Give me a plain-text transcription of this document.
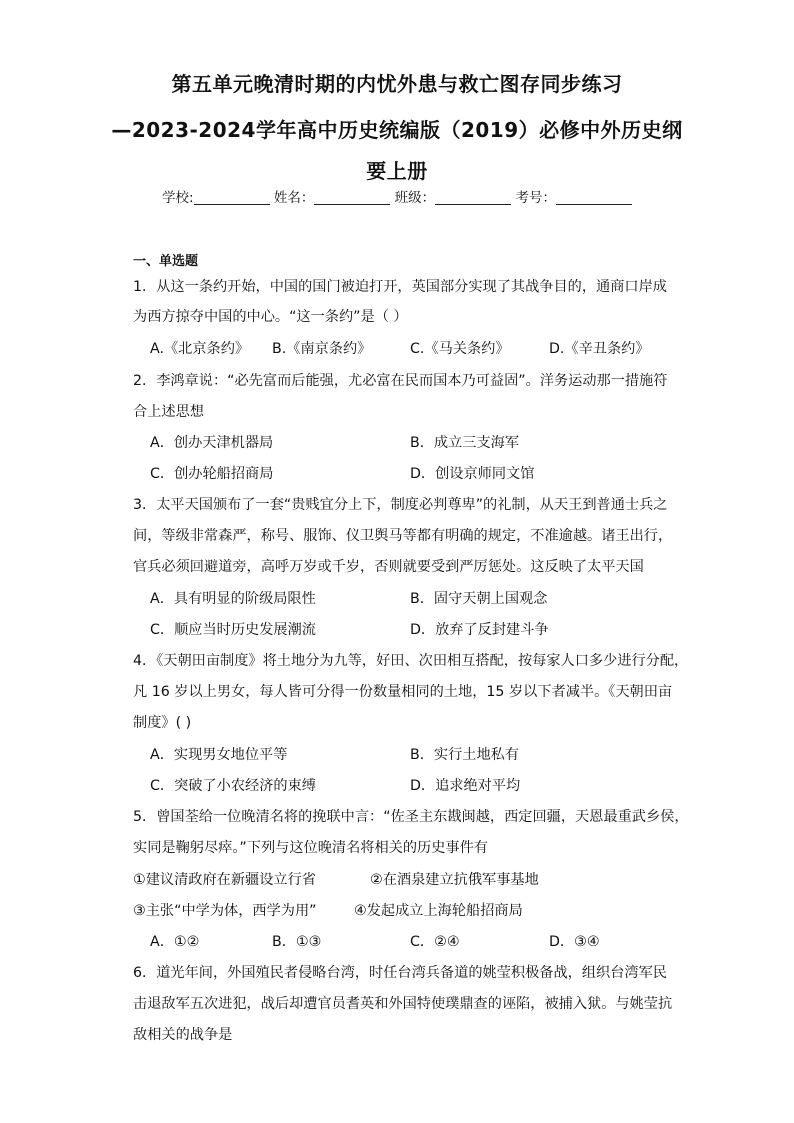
第五单元晚清时期的内忧外患与救亡图存同步练习
—2023-2024学年高中历史统编版（2019）必修中外历史纲
要上册
学校:	姓名：	班级：	考号：
一、单选题
1．从这一条约开始，中国的国门被迫打开，英国部分实现了其战争目的，通商口岸成
为西方掠夺中国的中心。“这一条约”是（ ）
A.《北京条约》 B.《南京条约》	C.《马关条约》	D.《辛丑条约》
2．李鸿章说：“必先富而后能强，尤必富在民而国本乃可益固”。洋务运动那一措施符
合上述思想
A．创办天津机器局	B．成立三支海军
C．创办轮船招商局	D．创设京师同文馆
3．太平天国颁布了一套“贵贱宜分上下，制度必判尊卑”的礼制，从天王到普通士兵之
间，等级非常森严，称号、服饰、仪卫舆马等都有明确的规定，不准逾越。诸王出行，
官兵必须回避道旁，高呼万岁或千岁，否则就要受到严厉惩处。这反映了太平天国
A．具有明显的阶级局限性	B．固守天朝上国观念
C．顺应当时历史发展潮流	D．放弃了反封建斗争
4．《天朝田亩制度》将土地分为九等，好田、次田相互搭配，按每家人口多少进行分配，
凡 16 岁以上男女，每人皆可分得一份数量相同的土地，15 岁以下者减半。《天朝田亩
制度》( )
A．实现男女地位平等	B．实行土地私有
C．突破了小农经济的束缚	D．追求绝对平均
5．曾国荃给一位晚清名将的挽联中言：“佐圣主东戡闽越，西定回疆，天恩最重武乡侯，
实同是鞠躬尽瘁。”下列与这位晚清名将相关的历史事件有
①建议清政府在新疆设立行省	②在酒泉建立抗俄军事基地
③主张“中学为体，西学为用”	④发起成立上海轮船招商局
A．①②	B．①③	C．②④	D．③④
6．道光年间，外国殖民者侵略台湾，时任台湾兵备道的姚莹积极备战，组织台湾军民
击退敌军五次进犯，战后却遭官员耆英和外国特使璞鼎查的诬陷，被捕入狱。与姚莹抗
敌相关的战争是
